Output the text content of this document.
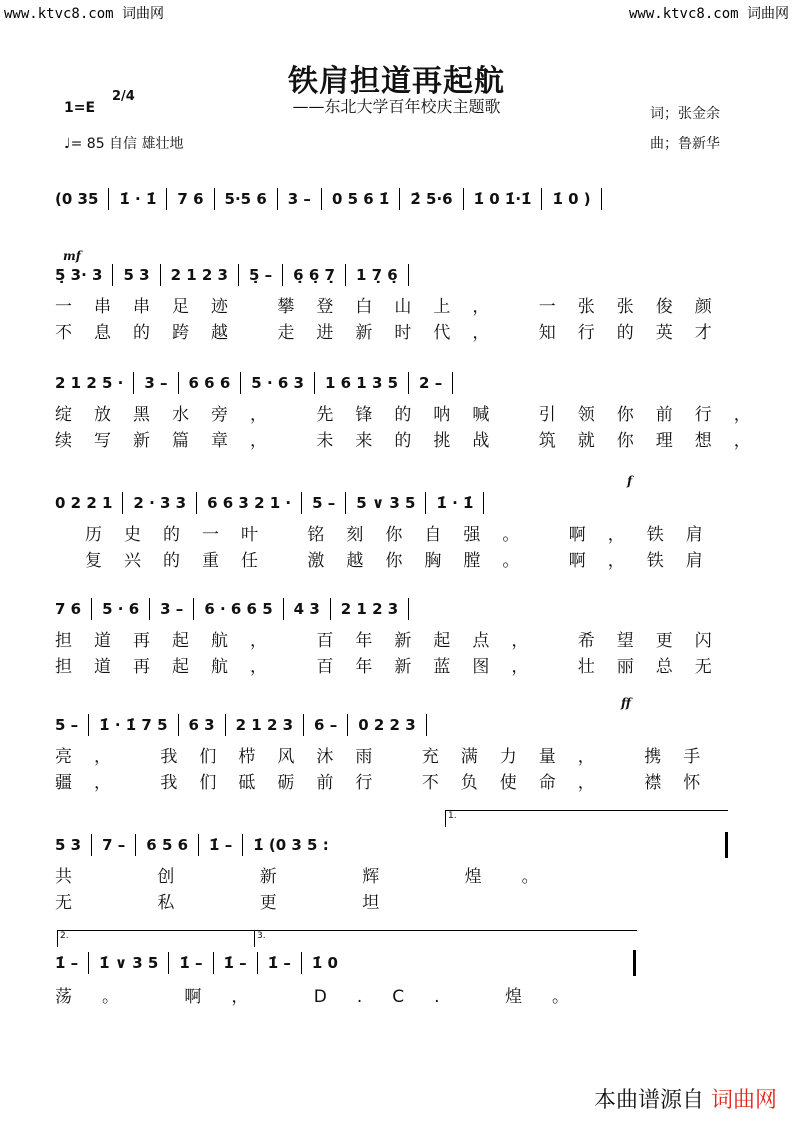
www.ktvc8.com 词曲网	www.ktvc8.com 词曲网
铁肩担道再起航
——东北大学百年校庆主题歌
1=E
2/4
♩= 85 自信 雄壮地
词；张金余
曲；鲁新华
(0 35 1̇ · 1̇ 7 6 5·5 6 3 – 0 5 6 1̇ 2̇ 5·6 1̇ 0 1̇·1̇ 1̇ 0 )
mf
5̣ 3· 3 5 3 2 1 2 3 5̣ – 6̣ 6̣ 7̣ 1 7̣ 6̣
一串串足迹 攀登白山上， 一张张俊颜
不息的跨越 走进新时代， 知行的英才
2 1 2 5 · 3 – 6 6 6 5 · 6 3 1 6 1 3 5 2 –
绽放黑水旁， 先锋的呐喊 引领你前行，
续写新篇章， 未来的挑战 筑就你理想，
f
0 2 2 1 2 · 3 3 6 6 3 2 1 · 5 – 5 ∨ 3 5 1̇ · 1̇
历史的一叶 铭刻你自强。 啊，铁肩
复兴的重任 激越你胸膛。 啊，铁肩
7 6 5 · 6 3 – 6 · 6 6 5 4 3 2 1 2 3
担道再起航， 百年新起点， 希望更闪
担道再起航， 百年新蓝图， 壮丽总无
ff
5 – 1̇ · 1̇ 7 5 6 3 2 1 2 3 6 – 0 2 2 3
亮， 我们栉风沐雨 充满力量， 携手
疆， 我们砥砺前行 不负使命， 襟怀
1.
5 3 7 – 6 5 6 1̇ – 1̇ (0 3 5 :
共 创 新 辉 煌。
无 私 更 坦
2.	3.
1̇ – 1̇ ∨ 3 5 1̇ – 1̇ – 1̇ – 1̇ 0
荡。 啊， D.C. 煌。
本曲谱源自 词曲网
